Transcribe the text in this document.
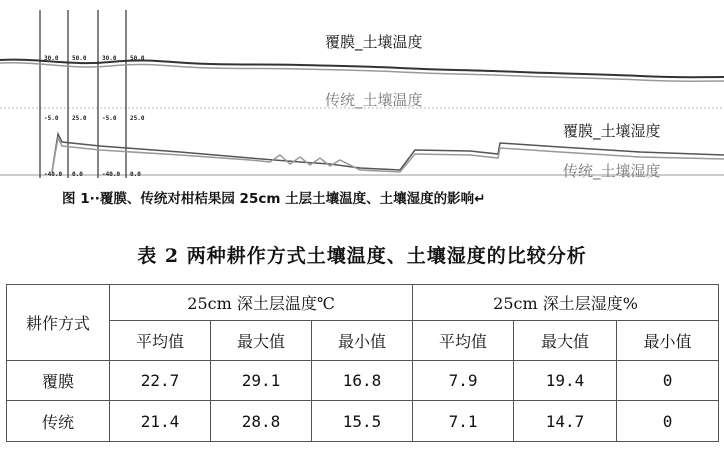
30.0 50.0	30.0 50.0
-5.0 25.0	-5.0 25.0
-40.0 0.0	-40.0 0.0
覆膜_土壤温度
传统_土壤温度
覆膜_土壤湿度
传统_土壤湿度
图 1··覆膜、传统对柑桔果园 25cm 土层土壤温度、土壤湿度的影响↵
表 2 两种耕作方式土壤温度、土壤湿度的比较分析
耕作方式	25cm 深土层温度℃			25cm 深土层湿度%		
	平均值	最大值	最小值	平均值	最大值	最小值
覆膜	22.7	29.1	16.8	7.9	19.4	0
传统	21.4	28.8	15.5	7.1	14.7	0
